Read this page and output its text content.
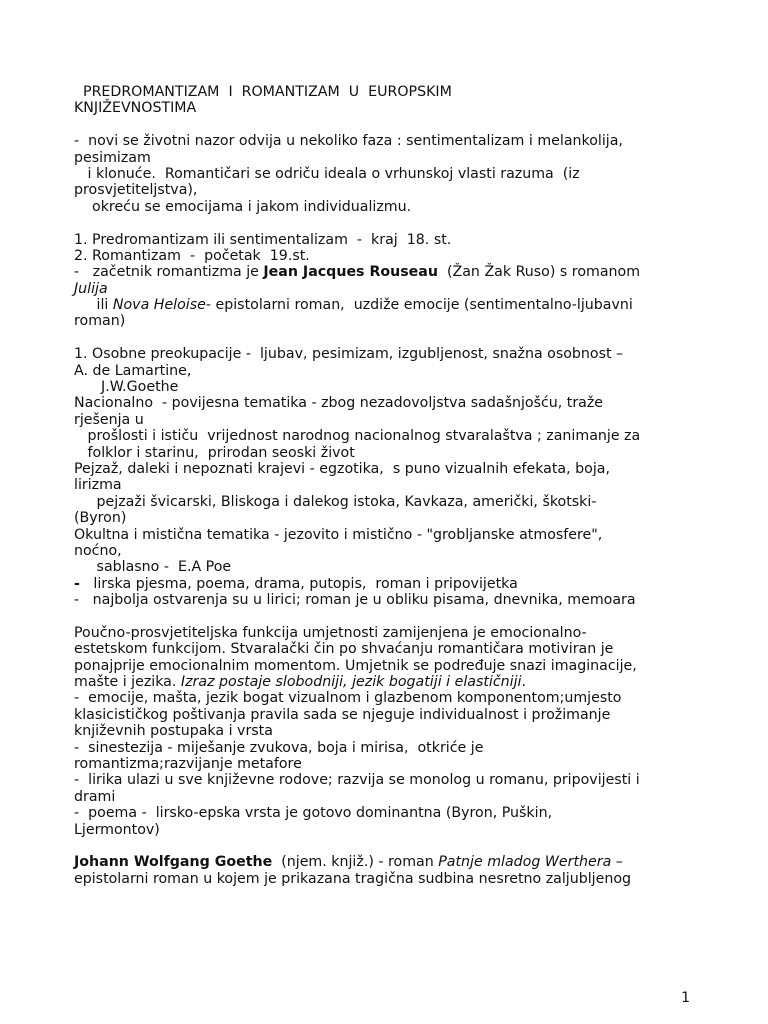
PREDROMANTIZAM  I  ROMANTIZAM  U  EUROPSKIM
KNJIŽEVNOSTIMA
-  novi se životni nazor odvija u nekoliko faza : sentimentalizam i melankolija,
pesimizam
i klonuće.  Romantičari se odriču ideala o vrhunskoj vlasti razuma  (iz
prosvjetiteljstva),
okreću se emocijama i jakom individualizmu.
1. Predromantizam ili sentimentalizam  -  kraj  18. st.
2. Romantizam  -  početak  19.st.
-   začetnik romantizma je Jean Jacques Rouseau  (Žan Žak Ruso) s romanom
Julija
ili Nova Heloise- epistolarni roman,  uzdiže emocije (sentimentalno-ljubavni
roman)
1. Osobne preokupacije -  ljubav, pesimizam, izgubljenost, snažna osobnost –
A. de Lamartine,
J.W.Goethe
Nacionalno  - povijesna tematika - zbog nezadovoljstva sadašnjošću, traže
rješenja u
prošlosti i ističu  vrijednost narodnog nacionalnog stvaralaštva ; zanimanje za
folklor i starinu,  prirodan seoski život
Pejzaž, daleki i nepoznati krajevi - egzotika,  s puno vizualnih efekata, boja,
lirizma
pejzaži švicarski, Bliskoga i dalekog istoka, Kavkaza, američki, škotski-
(Byron)
Okultna i mistična tematika - jezovito i mistično - "grobljanske atmosfere",
noćno,
sablasno -  E.A Poe
-   lirska pjesma, poema, drama, putopis,  roman i pripovijetka
-   najbolja ostvarenja su u lirici; roman je u obliku pisama, dnevnika, memoara
Poučno-prosvjetiteljska funkcija umjetnosti zamijenjena je emocionalno-
estetskom funkcijom. Stvaralački čin po shvaćanju romantičara motiviran je
ponajprije emocionalnim momentom. Umjetnik se podređuje snazi imaginacije,
mašte i jezika. Izraz postaje slobodniji, jezik bogatiji i elastičniji.
-  emocije, mašta, jezik bogat vizualnom i glazbenom komponentom;umjesto
klasicističkog poštivanja pravila sada se njeguje individualnost i prožimanje
književnih postupaka i vrsta
-  sinestezija - miješanje zvukova, boja i mirisa,  otkriće je
romantizma;razvijanje metafore
-  lirika ulazi u sve književne rodove; razvija se monolog u romanu, pripovijesti i
drami
-  poema -  lirsko-epska vrsta je gotovo dominantna (Byron, Puškin,
Ljermontov)
Johann Wolfgang Goethe  (njem. knjiž.) - roman Patnje mladog Werthera –
epistolarni roman u kojem je prikazana tragična sudbina nesretno zaljubljenog
1
